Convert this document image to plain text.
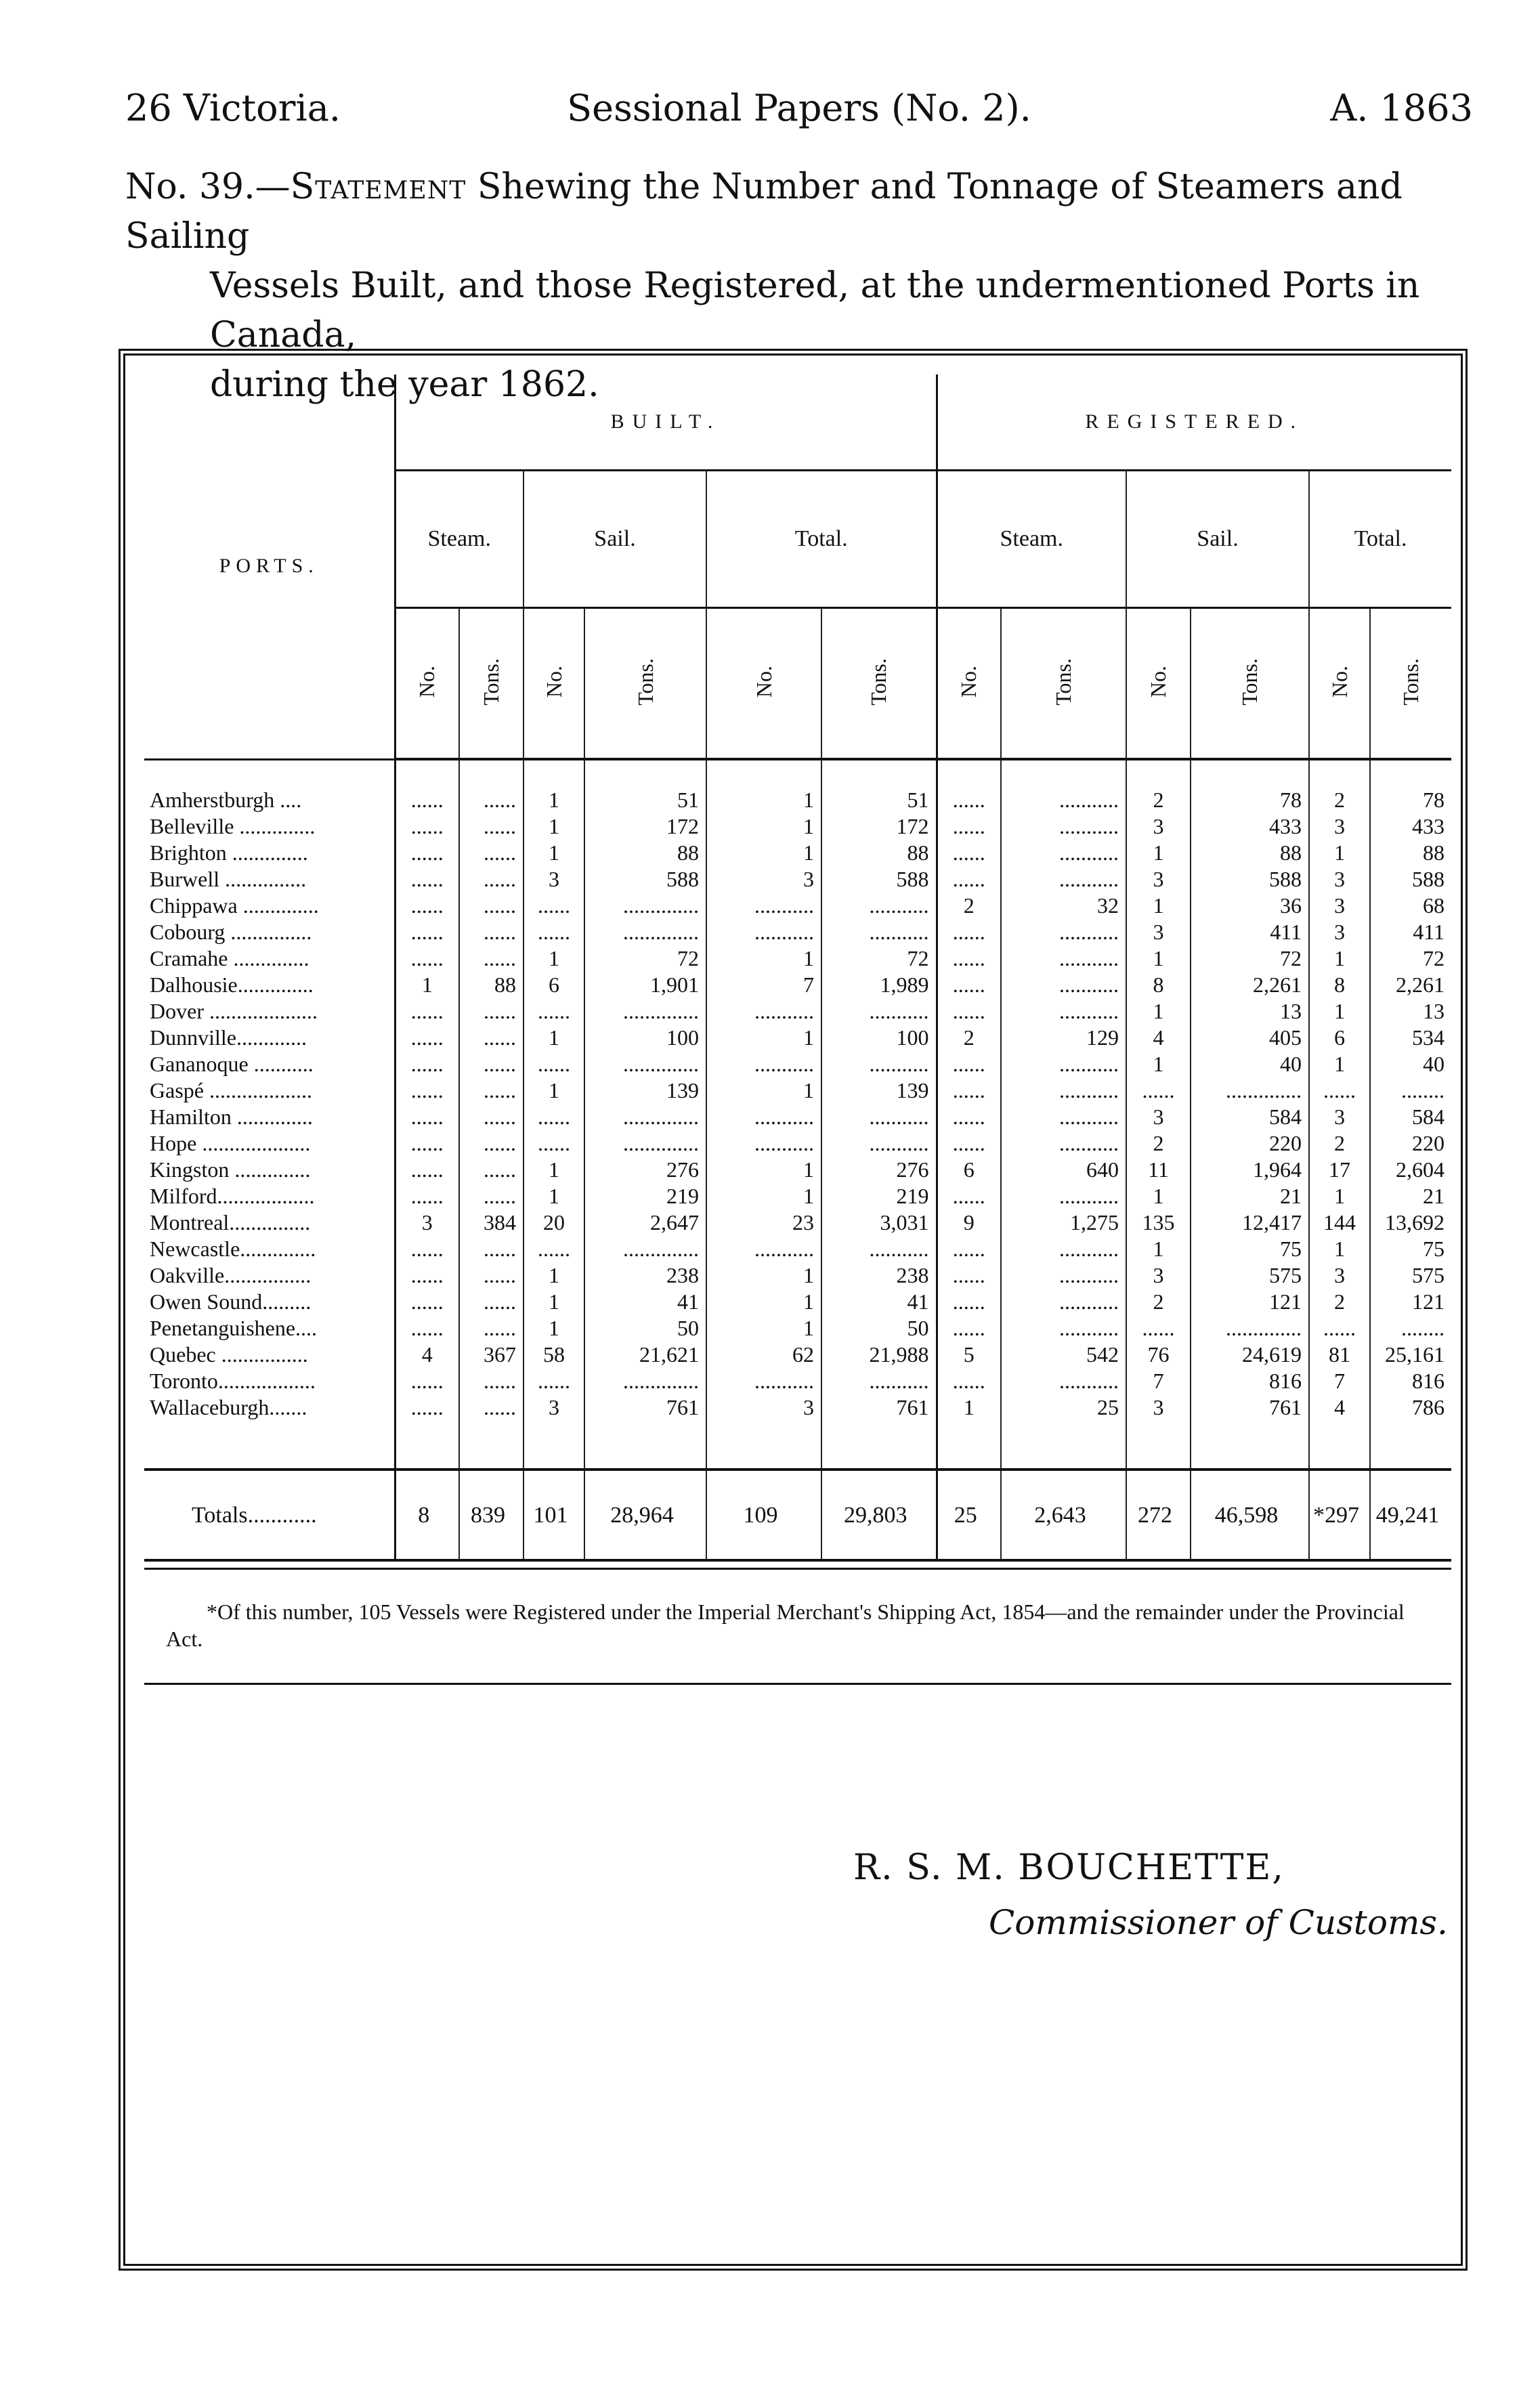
26 Victoria.	Sessional Papers (No. 2).	A. 1863
No. 39.—Statement Shewing the Number and Tonnage of Steamers and Sailing
Vessels Built, and those Registered, at the undermentioned Ports in Canada,
during the year 1862.
PORTS.	BUILT.						REGISTERED.					
	Steam.		Sail.		Total.		Steam.		Sail.		Total.	
	No.	Tons.	No.	Tons.	No.	Tons.	No.	Tons.	No.	Tons.	No.	Tons.

Amherstburgh ....	......	......	1	51	1	51	......	...........	2	78	2	78
Belleville ..............	......	......	1	172	1	172	......	...........	3	433	3	433
Brighton ..............	......	......	1	88	1	88	......	...........	1	88	1	88
Burwell ...............	......	......	3	588	3	588	......	...........	3	588	3	588
Chippawa ..............	......	......	......	..............	...........	...........	2	32	1	36	3	68
Cobourg ...............	......	......	......	..............	...........	...........	......	...........	3	411	3	411
Cramahe ..............	......	......	1	72	1	72	......	...........	1	72	1	72
Dalhousie..............	1	88	6	1,901	7	1,989	......	...........	8	2,261	8	2,261
Dover ....................	......	......	......	..............	...........	...........	......	...........	1	13	1	13
Dunnville.............	......	......	1	100	1	100	2	129	4	405	6	534
Gananoque ...........	......	......	......	..............	...........	...........	......	...........	1	40	1	40
Gaspé ...................	......	......	1	139	1	139	......	...........	......	..............	......	........
Hamilton ..............	......	......	......	..............	...........	...........	......	...........	3	584	3	584
Hope ....................	......	......	......	..............	...........	...........	......	...........	2	220	2	220
Kingston ..............	......	......	1	276	1	276	6	640	11	1,964	17	2,604
Milford..................	......	......	1	219	1	219	......	...........	1	21	1	21
Montreal...............	3	384	20	2,647	23	3,031	9	1,275	135	12,417	144	13,692
Newcastle..............	......	......	......	..............	...........	...........	......	...........	1	75	1	75
Oakville................	......	......	1	238	1	238	......	...........	3	575	3	575
Owen Sound.........	......	......	1	41	1	41	......	...........	2	121	2	121
Penetanguishene....	......	......	1	50	1	50	......	...........	......	..............	......	........
Quebec ................	4	367	58	21,621	62	21,988	5	542	76	24,619	81	25,161
Toronto..................	......	......	......	..............	...........	...........	......	...........	7	816	7	816
Wallaceburgh.......	......	......	3	761	3	761	1	25	3	761	4	786

Totals............	8	839	101	28,964	109	29,803	25	2,643	272	46,598	*297	49,241
*Of this number, 105 Vessels were Registered under the Imperial Merchant's Shipping Act, 1854—and the remainder under the Provincial Act.
R. S. M. BOUCHETTE,
Commissioner of Customs.
